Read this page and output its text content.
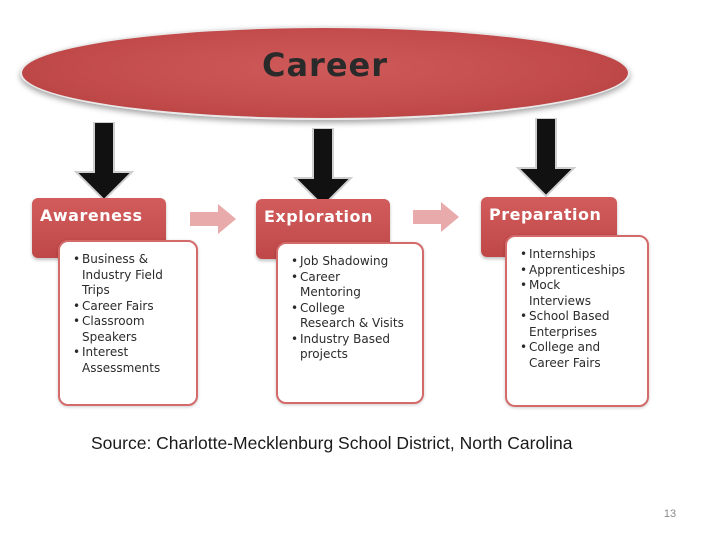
Career
Awareness
• Business &
Industry Field
Trips
• Career Fairs
• Classroom
Speakers
• Interest
Assessments
Exploration
• Job Shadowing
• Career
Mentoring
• College
Research & Visits
• Industry Based
projects
Preparation
• Internships
• Apprenticeships
• Mock
Interviews
• School Based
Enterprises
• College and
Career Fairs
Source: Charlotte-Mecklenburg School District, North Carolina
13
